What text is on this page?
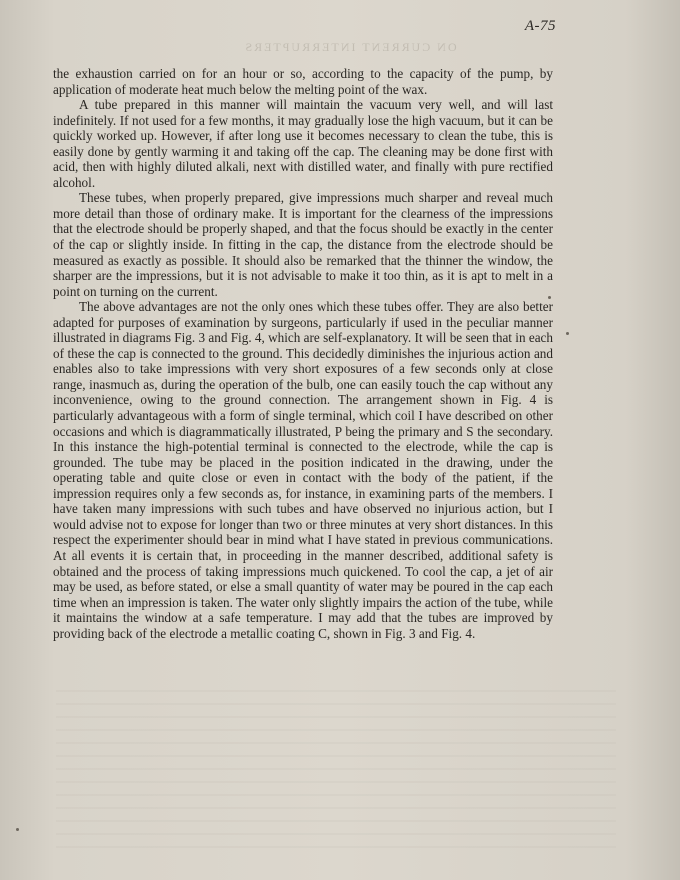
ON CURRENT INTERRUPTERS
A-75

the exhaustion carried on for an hour or so, according to the capacity of the pump, by application of moderate heat much below the melting point of the wax.

A tube prepared in this manner will maintain the vacuum very well, and will last indefinitely. If not used for a few months, it may gradually lose the high vacuum, but it can be quickly worked up. However, if after long use it becomes necessary to clean the tube, this is easily done by gently warming it and taking off the cap. The cleaning may be done first with acid, then with highly diluted alkali, next with distilled water, and finally with pure rectified alcohol.

These tubes, when properly prepared, give impressions much sharper and reveal much more detail than those of ordinary make. It is important for the clearness of the impressions that the electrode should be properly shaped, and that the focus should be exactly in the center of the cap or slightly inside. In fitting in the cap, the distance from the electrode should be measured as exactly as possible. It should also be remarked that the thinner the window, the sharper are the impressions, but it is not advisable to make it too thin, as it is apt to melt in a point on turning on the current.

The above advantages are not the only ones which these tubes offer. They are also better adapted for purposes of examination by surgeons, particularly if used in the peculiar manner illustrated in diagrams Fig. 3 and Fig. 4, which are self-explanatory. It will be seen that in each of these the cap is connected to the ground. This decidedly diminishes the injurious action and enables also to take impressions with very short exposures of a few seconds only at close range, inasmuch as, during the operation of the bulb, one can easily touch the cap without any inconvenience, owing to the ground connection. The arrangement shown in Fig. 4 is particularly advantageous with a form of single terminal, which coil I have described on other occasions and which is diagrammatically illustrated, P being the primary and S the secondary. In this instance the high-potential terminal is connected to the electrode, while the cap is grounded. The tube may be placed in the position indicated in the drawing, under the operating table and quite close or even in contact with the body of the patient, if the impression requires only a few seconds as, for instance, in examining parts of the members. I have taken many impressions with such tubes and have observed no injurious action, but I would advise not to expose for longer than two or three minutes at very short distances. In this respect the experimenter should bear in mind what I have stated in previous communications. At all events it is certain that, in proceeding in the manner described, additional safety is obtained and the process of taking impressions much quickened. To cool the cap, a jet of air may be used, as before stated, or else a small quantity of water may be poured in the cap each time when an impression is taken. The water only slightly impairs the action of the tube, while it maintains the window at a safe temperature. I may add that the tubes are improved by providing back of the electrode a metallic coating C, shown in Fig. 3 and Fig. 4.
